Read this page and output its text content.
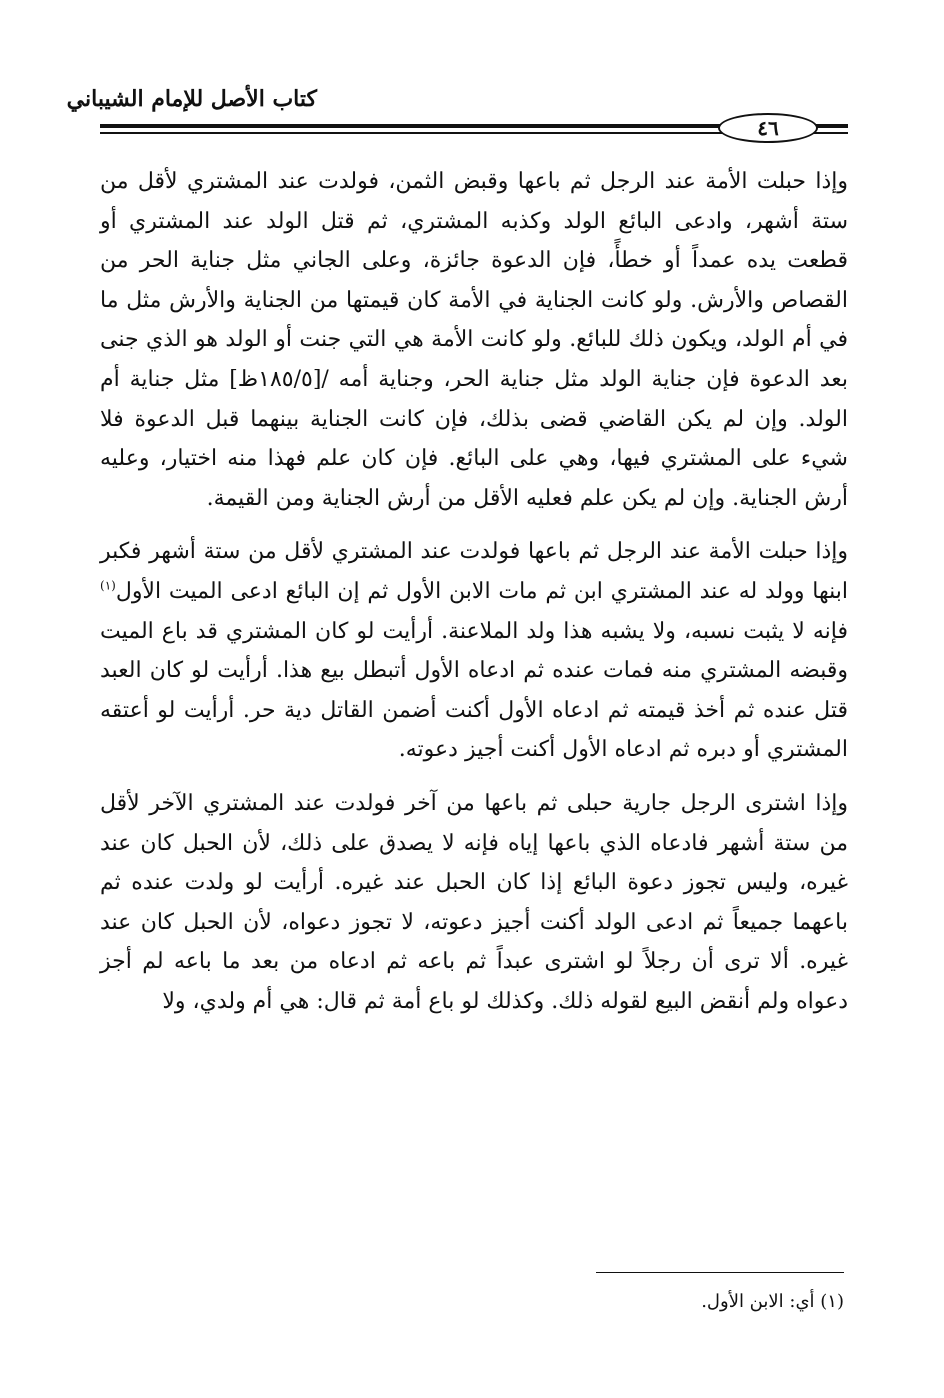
كتاب الأصل للإمام الشيباني
٤٦

وإذا حبلت الأمة عند الرجل ثم باعها وقبض الثمن، فولدت عند المشتري لأقل من ستة أشهر، وادعى البائع الولد وكذبه المشتري، ثم قتل الولد عند المشتري أو قطعت يده عمداً أو خطأً، فإن الدعوة جائزة، وعلى الجاني مثل جناية الحر من القصاص والأرش. ولو كانت الجناية في الأمة كان قيمتها من الجناية والأرش مثل ما في أم الولد، ويكون ذلك للبائع. ولو كانت الأمة هي التي جنت أو الولد هو الذي جنى بعد الدعوة فإن جناية الولد مثل جناية الحر، وجناية أمه /[١٨٥/٥ظ] مثل جناية أم الولد. وإن لم يكن القاضي قضى بذلك، فإن كانت الجناية بينهما قبل الدعوة فلا شيء على المشتري فيها، وهي على البائع. فإن كان علم فهذا منه اختيار، وعليه أرش الجناية. وإن لم يكن علم فعليه الأقل من أرش الجناية ومن القيمة.

وإذا حبلت الأمة عند الرجل ثم باعها فولدت عند المشتري لأقل من ستة أشهر فكبر ابنها وولد له عند المشتري ابن ثم مات الابن الأول ثم إن البائع ادعى الميت الأول$^{(١)}$ فإنه لا يثبت نسبه، ولا يشبه هذا ولد الملاعنة. أرأيت لو كان المشتري قد باع الميت وقبضه المشتري منه فمات عنده ثم ادعاه الأول أتبطل بيع هذا. أرأيت لو كان العبد قتل عنده ثم أخذ قيمته ثم ادعاه الأول أكنت أضمن القاتل دية حر. أرأيت لو أعتقه المشتري أو دبره ثم ادعاه الأول أكنت أجيز دعوته.

وإذا اشترى الرجل جارية حبلى ثم باعها من آخر فولدت عند المشتري الآخر لأقل من ستة أشهر فادعاه الذي باعها إياه فإنه لا يصدق على ذلك، لأن الحبل كان عند غيره، وليس تجوز دعوة البائع إذا كان الحبل عند غيره. أرأيت لو ولدت عنده ثم باعهما جميعاً ثم ادعى الولد أكنت أجيز دعوته، لا تجوز دعواه، لأن الحبل كان عند غيره. ألا ترى أن رجلاً لو اشترى عبداً ثم باعه ثم ادعاه من بعد ما باعه لم أجز دعواه ولم أنقض البيع لقوله ذلك. وكذلك لو باع أمة ثم قال: هي أم ولدي، ولا

(١) أي: الابن الأول.
